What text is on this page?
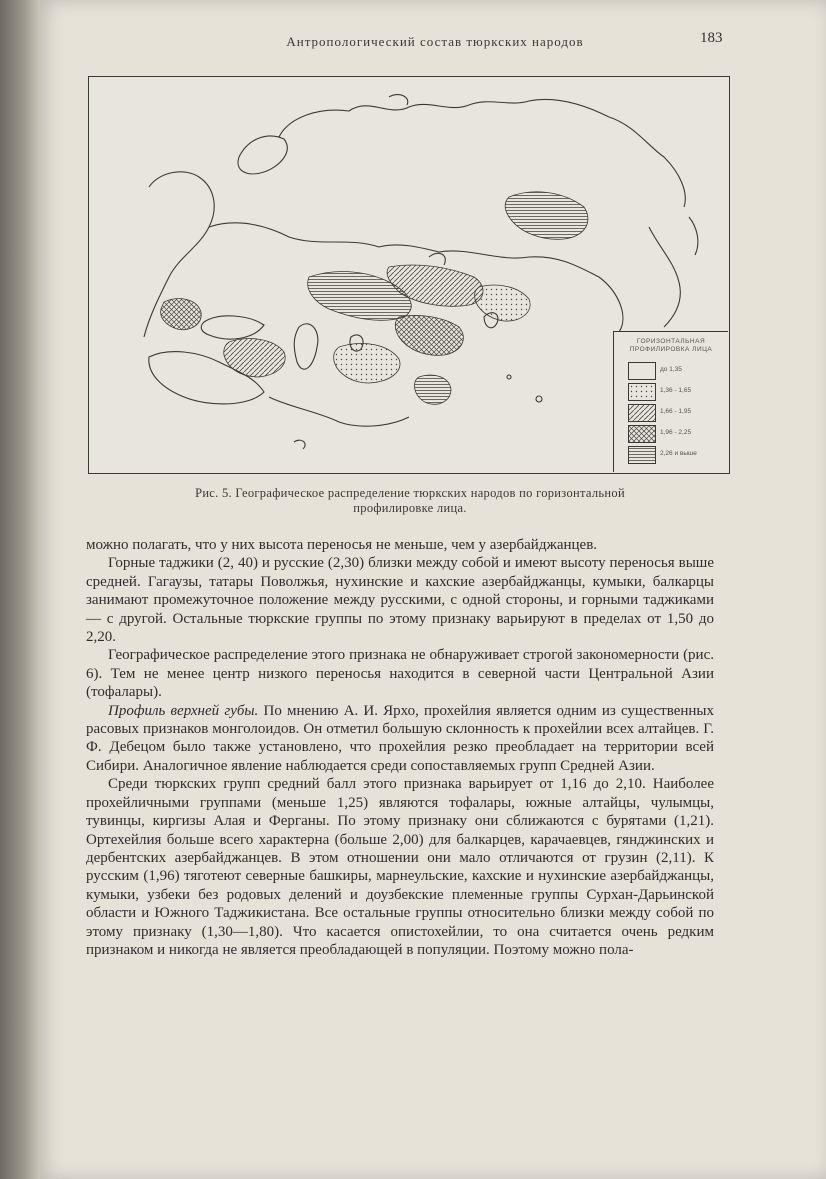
Антропологический состав тюркских народов	183
ГОРИЗОНТАЛЬНАЯ
ПРОФИЛИРОВКА ЛИЦА
до 1,35
1,36 - 1,65
1,66 - 1,95
1,96 - 2,25
2,26 и выше
Рис. 5. Географическое распределение тюркских народов по горизонтальной
профилировке лица.

можно полагать, что у них высота переносья не меньше, чем у азербайджанцев.

Горные таджики (2, 40) и русские (2,30) близки между собой и имеют высоту переносья выше средней. Гагаузы, татары Поволжья, нухинские и кахские азербайджанцы, кумыки, балкарцы занимают промежуточное положение между русскими, с одной стороны, и горными таджиками — с другой. Остальные тюркские группы по этому признаку варьируют в пределах от 1,50 до 2,20.

Географическое распределение этого признака не обнаруживает строгой закономерности (рис. 6). Тем не менее центр низкого переносья находится в северной части Центральной Азии (тофалары).

Профиль верхней губы. По мнению А. И. Ярхо, прохейлия является одним из существенных расовых признаков монголоидов. Он отметил большую склонность к прохейлии всех алтайцев. Г. Ф. Дебецом было также установлено, что прохейлия резко преобладает на территории всей Сибири. Аналогичное явление наблюдается среди сопоставляемых групп Средней Азии.

Среди тюркских групп средний балл этого признака варьирует от 1,16 до 2,10. Наиболее прохейличными группами (меньше 1,25) являются тофалары, южные алтайцы, чулымцы, тувинцы, киргизы Алая и Ферганы. По этому признаку они сближаются с бурятами (1,21). Ортехейлия больше всего характерна (больше 2,00) для балкарцев, карачаевцев, гянджинских и дербентских азербайджанцев. В этом отношении они мало отличаются от грузин (2,11). К русским (1,96) тяготеют северные башкиры, марнеульские, кахские и нухинские азербайджанцы, кумыки, узбеки без родовых делений и доузбекские племенные группы Сурхан-Дарьинской области и Южного Таджикистана. Все остальные группы относительно близки между собой по этому признаку (1,30—1,80). Что касается опистохейлии, то она считается очень редким признаком и никогда не является преобладающей в популяции. Поэтому можно пола-
